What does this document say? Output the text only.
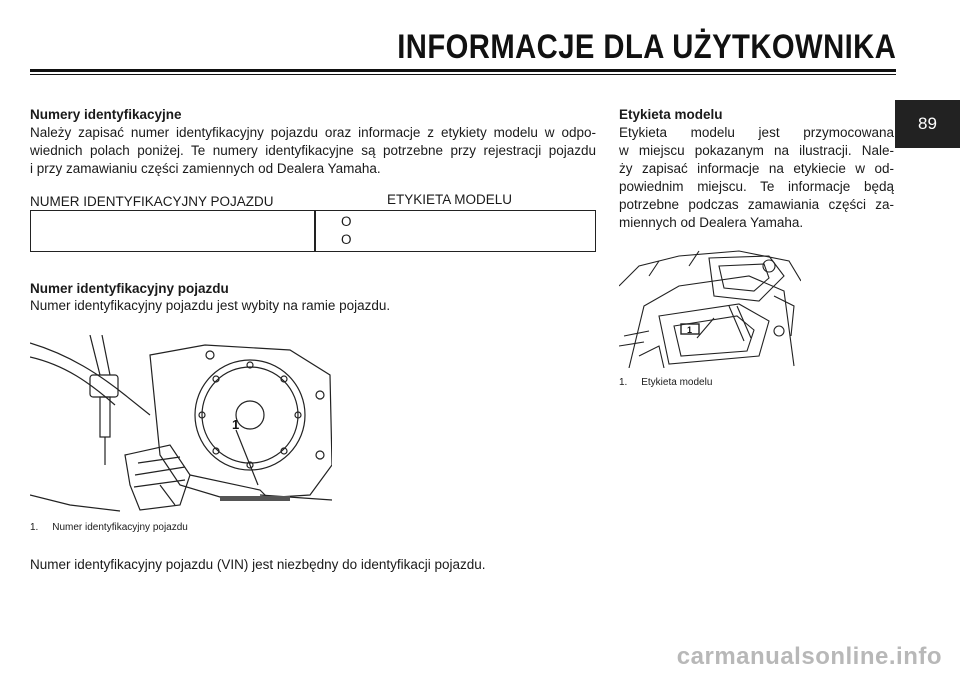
INFORMACJE DLA UŻYTKOWNIKA
89
Numery identyfikacyjne
Należy zapisać numer identyfikacyjny pojazdu oraz informacje z etykiety modelu w odpo-
wiednich polach poniżej. Te numery identyfikacyjne są potrzebne przy rejestracji pojazdu
i przy zamawianiu części zamiennych od Dealera Yamaha.
NUMER IDENTYFIKACYJNY POJAZDU	ETYKIETA MODELU
O
O
Numer identyfikacyjny pojazdu
Numer identyfikacyjny pojazdu jest wybity na ramie pojazdu.
1
1.     Numer identyfikacyjny pojazdu
Numer identyfikacyjny pojazdu (VIN) jest niezbędny do identyfikacji pojazdu.
Etykieta modelu
Etykieta modelu jest przymocowana
w miejscu pokazanym na ilustracji. Nale-
ży zapisać informacje na etykiecie w od-
powiednim miejscu. Te informacje będą
potrzebne podczas zamawiania części za-
miennych od Dealera Yamaha.
1
1.     Etykieta modelu
carmanualsonline.info
